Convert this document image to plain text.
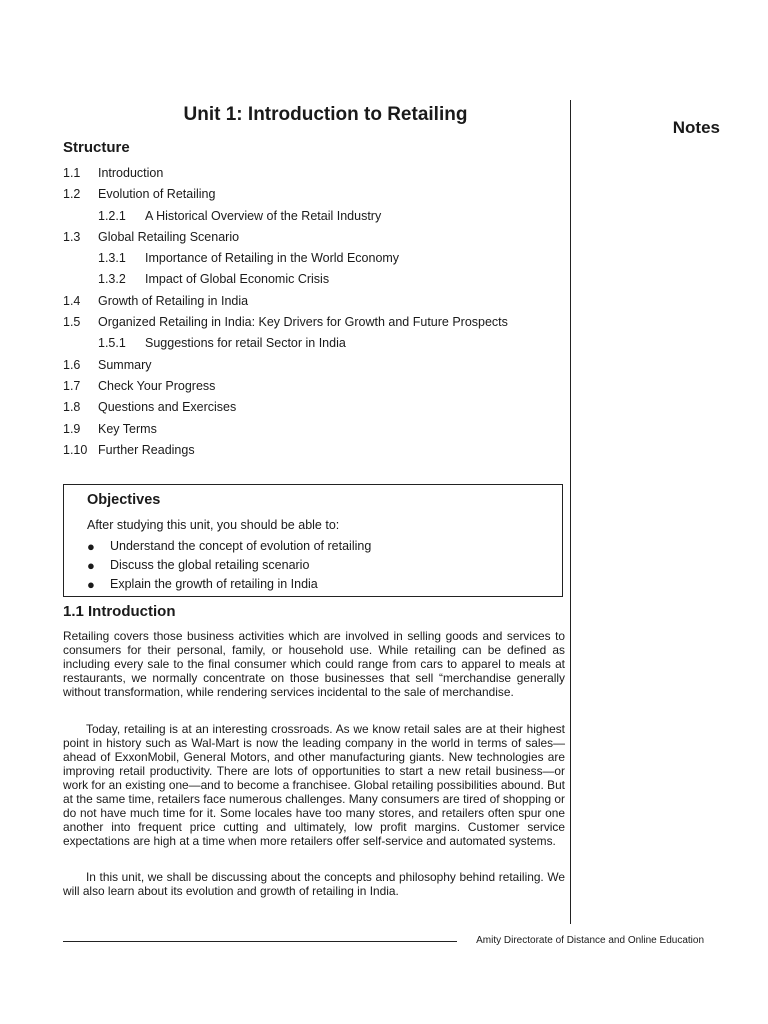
Notes
Unit 1: Introduction to Retailing
Structure
1.1	Introduction
1.2	Evolution of Retailing
1.2.1	A Historical Overview of the Retail Industry
1.3	Global Retailing Scenario
1.3.1	Importance of Retailing in the World Economy
1.3.2	Impact of Global Economic Crisis
1.4	Growth of Retailing in India
1.5	Organized Retailing in India: Key Drivers for Growth and Future Prospects
1.5.1	Suggestions for retail Sector in India
1.6	Summary
1.7	Check Your Progress
1.8	Questions and Exercises
1.9	Key Terms
1.10 Further Readings
Objectives
After studying this unit, you should be able to:
●	Understand the concept of evolution of retailing
●	Discuss the global retailing scenario
●	Explain the growth of retailing in India
1.1 Introduction

Retailing covers those business activities which are involved in selling goods and services to consumers for their personal, family, or household use. While retailing can be defined as including every sale to the final consumer which could range from cars to apparel to meals at restaurants, we normally concentrate on those businesses that sell “merchandise generally without transformation, while rendering services incidental to the sale of merchandise.

Today, retailing is at an interesting crossroads. As we know retail sales are at their highest point in history such as Wal-Mart is now the leading company in the world in terms of sales— ahead of ExxonMobil, General Motors, and other manufacturing giants. New technologies are improving retail productivity. There are lots of opportunities to start a new retail business—or work for an existing one—and to become a franchisee. Global retailing possibilities abound. But at the same time, retailers face numerous challenges. Many consumers are tired of shopping or do not have much time for it. Some locales have too many stores, and retailers often spur one another into frequent price cutting and ultimately, low profit margins. Customer service expectations are high at a time when more retailers offer self-service and automated systems.

In this unit, we shall be discussing about the concepts and philosophy behind retailing. We will also learn about its evolution and growth of retailing in India.

Amity Directorate of Distance and Online Education
